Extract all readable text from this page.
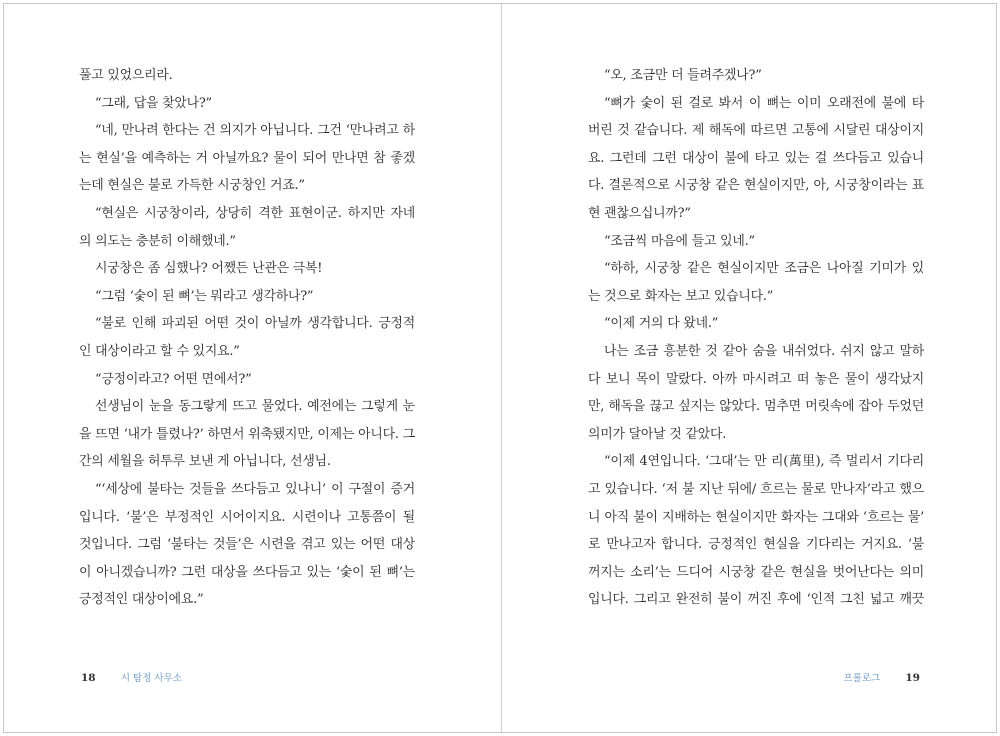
풀고 있었으리라.
“그래, 답을 찾았나?”
“네, 만나려 한다는 건 의지가 아닙니다. 그건 ‘만나려고 하
는 현실’을 예측하는 거 아닐까요? 물이 되어 만나면 참 좋겠
는데 현실은 불로 가득한 시궁창인 거죠.”
“현실은 시궁창이라, 상당히 격한 표현이군. 하지만 자네
의 의도는 충분히 이해했네.”
시궁창은 좀 심했나? 어쨌든 난관은 극복!
“그럼 ‘숯이 된 뼈’는 뭐라고 생각하나?”
“불로 인해 파괴된 어떤 것이 아닐까 생각합니다. 긍정적
인 대상이라고 할 수 있지요.”
“긍정이라고? 어떤 면에서?”
선생님이 눈을 동그랗게 뜨고 물었다. 예전에는 그렇게 눈
을 뜨면 ‘내가 틀렸나?’ 하면서 위축됐지만, 이제는 아니다. 그
간의 세월을 허투루 보낸 게 아닙니다, 선생님.
“‘세상에 불타는 것들을 쓰다듬고 있나니’ 이 구절이 증거
입니다. ‘불’은 부정적인 시어이지요. 시련이나 고통쯤이 될
것입니다. 그럼 ‘불타는 것들’은 시련을 겪고 있는 어떤 대상
이 아니겠습니까? 그런 대상을 쓰다듬고 있는 ‘숯이 된 뼈’는
긍정적인 대상이에요.”
“오, 조금만 더 들려주겠나?”
“뼈가 숯이 된 걸로 봐서 이 뼈는 이미 오래전에 불에 타
버린 것 같습니다. 제 해독에 따르면 고통에 시달린 대상이지
요. 그런데 그런 대상이 불에 타고 있는 걸 쓰다듬고 있습니
다. 결론적으로 시궁창 같은 현실이지만, 아, 시궁창이라는 표
현 괜찮으십니까?”
“조금씩 마음에 들고 있네.”
“하하, 시궁창 같은 현실이지만 조금은 나아질 기미가 있
는 것으로 화자는 보고 있습니다.”
“이제 거의 다 왔네.”
나는 조금 흥분한 것 같아 숨을 내쉬었다. 쉬지 않고 말하
다 보니 목이 말랐다. 아까 마시려고 떠 놓은 물이 생각났지
만, 해독을 끊고 싶지는 않았다. 멈추면 머릿속에 잡아 두었던
의미가 달아날 것 같았다.
“이제 4연입니다. ‘그대’는 만 리(萬里), 즉 멀리서 기다리
고 있습니다. ‘저 불 지난 뒤에/ 흐르는 물로 만나자’라고 했으
니 아직 불이 지배하는 현실이지만 화자는 그대와 ‘흐르는 물’
로 만나고자 합니다. 긍정적인 현실을 기다리는 거지요. ‘불
꺼지는 소리’는 드디어 시궁창 같은 현실을 벗어난다는 의미
입니다. 그리고 완전히 불이 꺼진 후에 ‘인적 그친 넓고 깨끗
18	시 탐정 사무소	프롤로그 19
